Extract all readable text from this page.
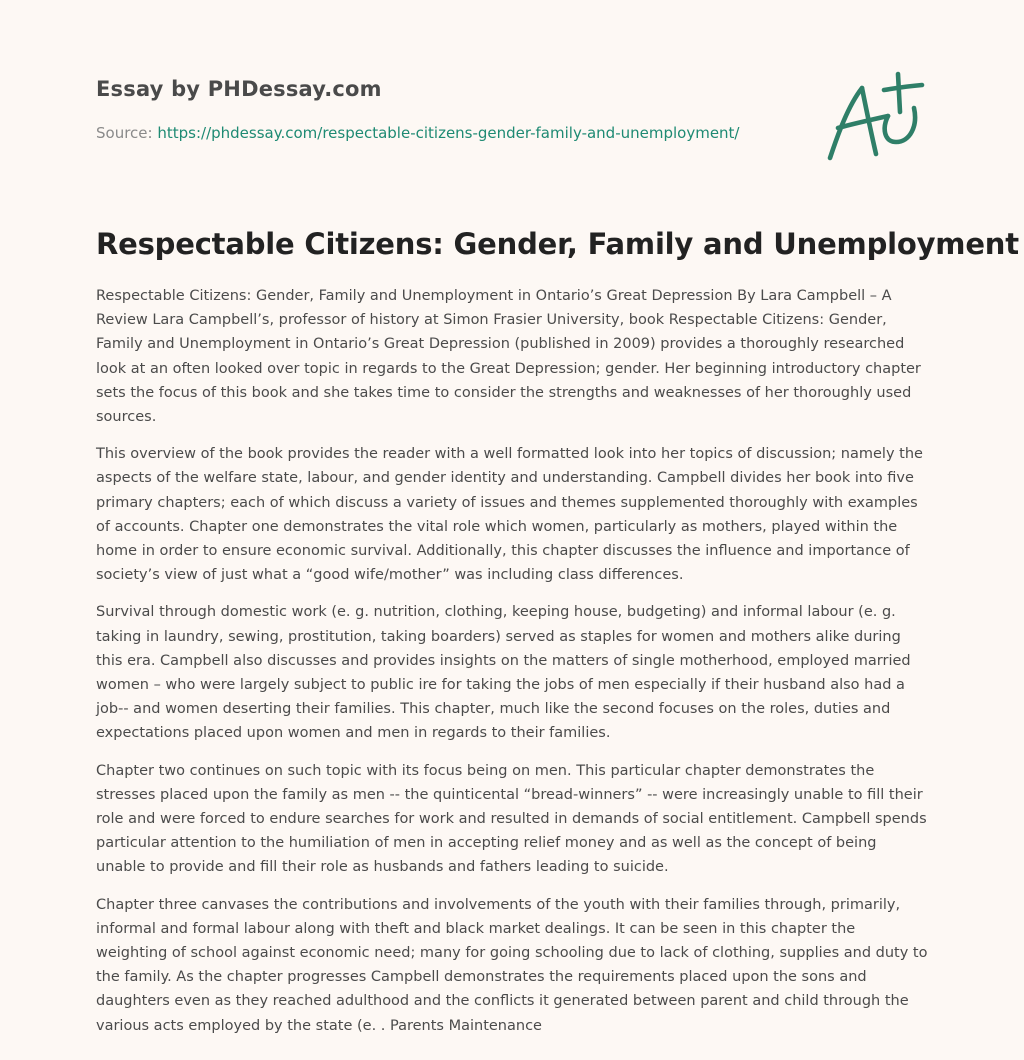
Essay by PHDessay.com
Source: https://phdessay.com/respectable-citizens-gender-family-and-unemployment/
Respectable Citizens: Gender, Family and Unemployment

Respectable Citizens: Gender, Family and Unemployment in Ontario’s Great Depression By Lara Campbell – A Review Lara Campbell’s, professor of history at Simon Frasier University, book Respectable Citizens: Gender, Family and Unemployment in Ontario’s Great Depression (published in 2009) provides a thoroughly researched look at an often looked over topic in regards to the Great Depression; gender. Her beginning introductory chapter sets the focus of this book and she takes time to consider the strengths and weaknesses of her thoroughly used sources.

This overview of the book provides the reader with a well formatted look into her topics of discussion; namely the aspects of the welfare state, labour, and gender identity and understanding. Campbell divides her book into five primary chapters; each of which discuss a variety of issues and themes supplemented thoroughly with examples of accounts. Chapter one demonstrates the vital role which women, particularly as mothers, played within the home in order to ensure economic survival. Additionally, this chapter discusses the influence and importance of society’s view of just what a “good wife/mother” was including class differences.

Survival through domestic work (e. g. nutrition, clothing, keeping house, budgeting) and informal labour (e. g. taking in laundry, sewing, prostitution, taking boarders) served as staples for women and mothers alike during this era. Campbell also discusses and provides insights on the matters of single motherhood, employed married women – who were largely subject to public ire for taking the jobs of men especially if their husband also had a job-- and women deserting their families. This chapter, much like the second focuses on the roles, duties and expectations placed upon women and men in regards to their families.

Chapter two continues on such topic with its focus being on men. This particular chapter demonstrates the stresses placed upon the family as men -- the quinticental “bread-winners” -- were increasingly unable to fill their role and were forced to endure searches for work and resulted in demands of social entitlement. Campbell spends particular attention to the humiliation of men in accepting relief money and as well as the concept of being unable to provide and fill their role as husbands and fathers leading to suicide.

Chapter three canvases the contributions and involvements of the youth with their families through, primarily, informal and formal labour along with theft and black market dealings. It can be seen in this chapter the weighting of school against economic need; many for going schooling due to lack of clothing, supplies and duty to the family. As the chapter progresses Campbell demonstrates the requirements placed upon the sons and daughters even as they reached adulthood and the conflicts it generated between parent and child through the various acts employed by the state (e. . Parents Maintenance
